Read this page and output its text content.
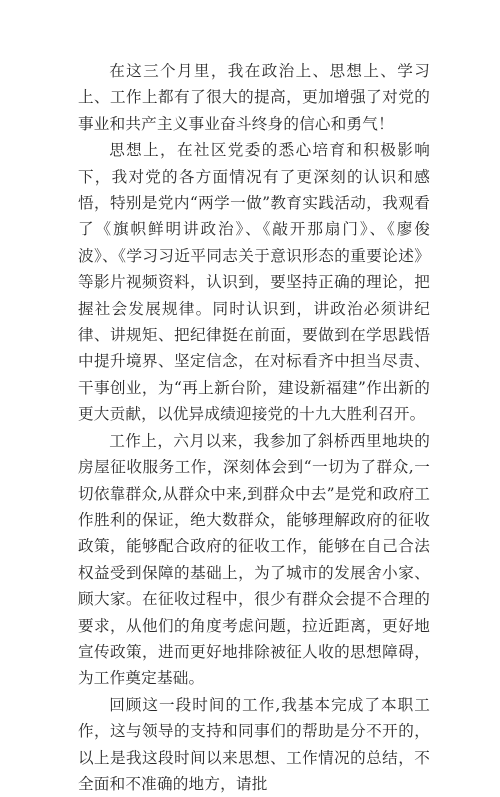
在这三个月里，我在政治上、思想上、学习上、工作上都有了很大的提高，更加增强了对党的事业和共产主义事业奋斗终身的信心和勇气！

思想上，在社区党委的悉心培育和积极影响下，我对党的各方面情况有了更深刻的认识和感悟，特别是党内“两学一做”教育实践活动，我观看了《旗帜鲜明讲政治》、《敲开那扇门》、《廖俊波》、《学习习近平同志关于意识形态的重要论述》等影片视频资料，认识到，要坚持正确的理论，把握社会发展规律。同时认识到，讲政治必须讲纪律、讲规矩、把纪律挺在前面，要做到在学思践悟中提升境界、坚定信念，在对标看齐中担当尽责、干事创业，为“再上新台阶，建设新福建”作出新的更大贡献，以优异成绩迎接党的十九大胜利召开。

工作上，六月以来，我参加了斜桥西里地块的房屋征收服务工作，深刻体会到“一切为了群众,一切依靠群众,从群众中来,到群众中去”是党和政府工作胜利的保证，绝大数群众，能够理解政府的征收政策，能够配合政府的征收工作，能够在自己合法权益受到保障的基础上，为了城市的发展舍小家、顾大家。在征收过程中，很少有群众会提不合理的要求，从他们的角度考虑问题，拉近距离，更好地宣传政策，进而更好地排除被征人收的思想障碍，为工作奠定基础。

回顾这一段时间的工作,我基本完成了本职工作，这与领导的支持和同事们的帮助是分不开的，以上是我这段时间以来思想、工作情况的总结，不全面和不准确的地方，请批
